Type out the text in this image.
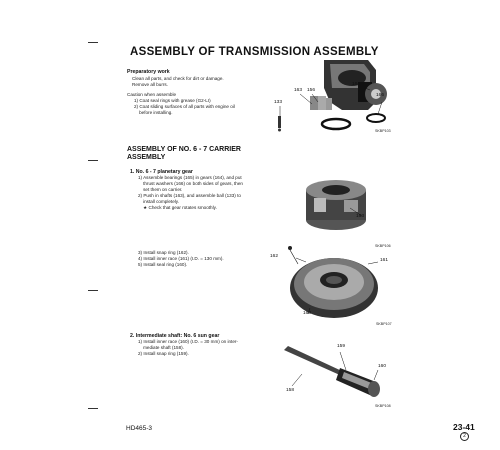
ASSEMBLY OF TRANSMISSION ASSEMBLY
Preparatory work
Clean all parts, and check for dirt or damage.
Remove all burrs.
Caution when assemble
1) Coat seal rings with grease (G2-LI)
2) Coat sliding surfaces of all parts with engine oil
before installing.
133
163 156
164
166
SKBP103
ASSEMBLY OF NO. 6 - 7 CARRIER
ASSEMBLY
1. No. 6 - 7 planetary gear
1) Assemble bearings (165) in gears (164), and put
thrust washers (166) on both sides of gears, then
set them on carrier.
2) Push in shafts (163), and assemble ball (133) to
install completely.
★ Check that gear rotates smoothly.
163
SKBP106
3) Install snap ring (162).
4) Install inner race (161) (I.D. = 130 mm).
5) Install seal ring (160).
162
161
160
SKBP107
2. Intermediate shaft: No. 6 sun gear
1) Install inner race (160) (I.D. = 30 mm) on inter-
mediate shaft (158).
2) Install snap ring (159).
159
160
158
SKBP108
HD465-3	23-41
2
